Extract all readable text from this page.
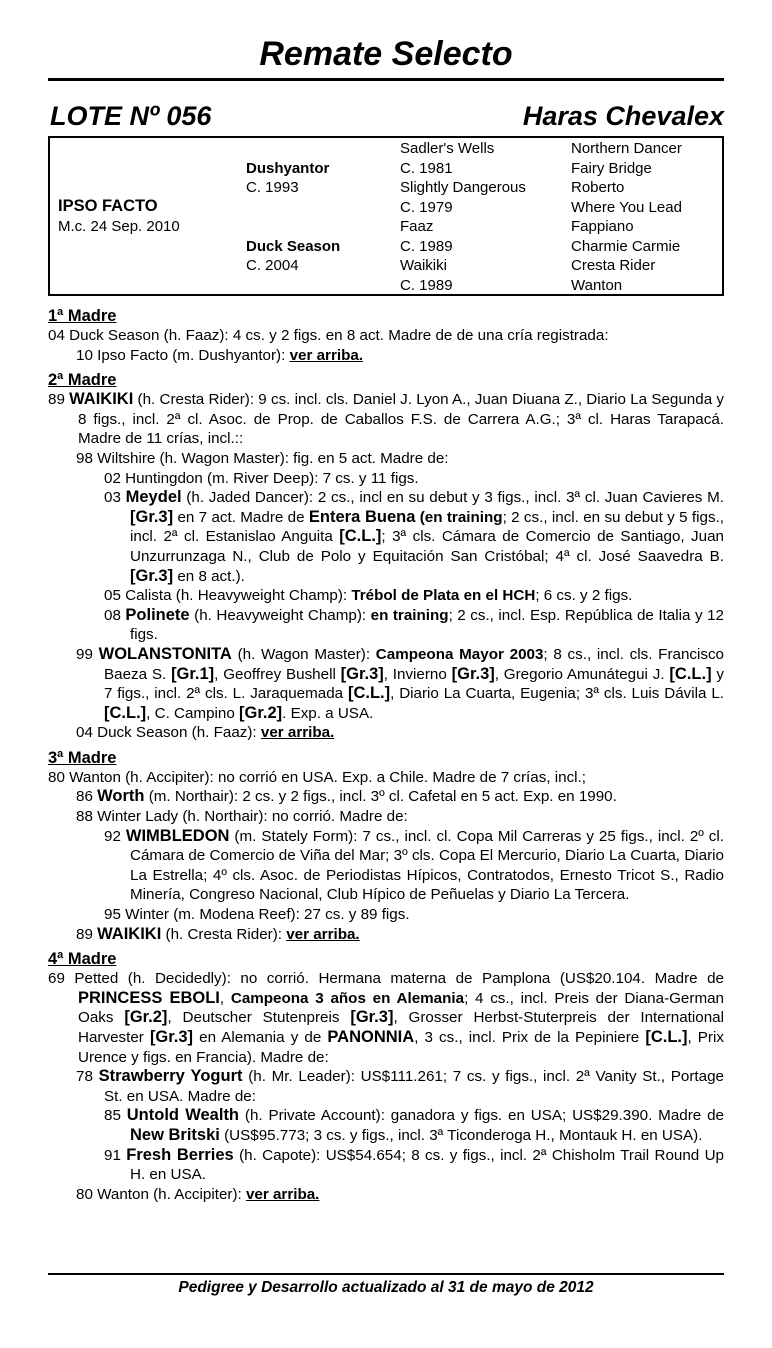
Remate Selecto
LOTE Nº 056	Haras Chevalex
IPSO FACTO
M.c. 24 Sep. 2010
Dushyantor
C. 1993
Duck Season
C. 2004
Sadler's Wells
C. 1981
Slightly Dangerous
C. 1979
Faaz
C. 1989
Waikiki
C. 1989
Northern Dancer
Fairy Bridge
Roberto
Where You Lead
Fappiano
Charmie Carmie
Cresta Rider
Wanton
1ª Madre

04 Duck Season (h. Faaz): 4 cs. y 2 figs. en 8 act. Madre de de una cría registrada:

10 Ipso Facto (m. Dushyantor): ver arriba.

2ª Madre

89 WAIKIKI (h. Cresta Rider): 9 cs. incl. cls. Daniel J. Lyon A., Juan Diuana Z., Diario La Segunda y 8 figs., incl. 2ª cl. Asoc. de Prop. de Caballos F.S. de Carrera A.G.; 3ª cl. Haras Tarapacá. Madre de 11 crías, incl.::

98 Wiltshire (h. Wagon Master): fig. en 5 act. Madre de:

02 Huntingdon (m. River Deep): 7 cs. y 11 figs.

03 Meydel (h. Jaded Dancer): 2 cs., incl en su debut y 3 figs., incl. 3ª cl. Juan Cavieres M. [Gr.3] en 7 act. Madre de Entera Buena (en training; 2 cs., incl. en su debut y 5 figs., incl. 2ª cl. Estanislao Anguita [C.L.]; 3ª cls. Cámara de Comercio de Santiago, Juan Unzurrunzaga N., Club de Polo y Equitación San Cristóbal; 4ª cl. José Saavedra B. [Gr.3] en 8 act.).

05 Calista (h. Heavyweight Champ): Trébol de Plata en el HCH; 6 cs. y 2 figs.

08 Polinete (h. Heavyweight Champ): en training; 2 cs., incl. Esp. República de Italia y 12 figs.

99 WOLANSTONITA (h. Wagon Master): Campeona Mayor 2003; 8 cs., incl. cls. Francisco Baeza S. [Gr.1], Geoffrey Bushell [Gr.3], Invierno [Gr.3], Gregorio Amunátegui J. [C.L.] y 7 figs., incl. 2ª cls. L. Jaraquemada [C.L.], Diario La Cuarta, Eugenia; 3ª cls. Luis Dávila L. [C.L.], C. Campino [Gr.2]. Exp. a USA.

04 Duck Season (h. Faaz): ver arriba.

3ª Madre

80 Wanton (h. Accipiter): no corrió en USA. Exp. a Chile. Madre de 7 crías, incl.;

86 Worth (m. Northair): 2 cs. y 2 figs., incl. 3º cl. Cafetal en 5 act. Exp. en 1990.

88 Winter Lady (h. Northair): no corrió. Madre de:

92 WIMBLEDON (m. Stately Form): 7 cs., incl. cl. Copa Mil Carreras y 25 figs., incl. 2º cl. Cámara de Comercio de Viña del Mar; 3º cls. Copa El Mercurio, Diario La Cuarta, Diario La Estrella; 4º cls. Asoc. de Periodistas Hípicos, Contratodos, Ernesto Tricot S., Radio Minería, Congreso Nacional, Club Hípico de Peñuelas y Diario La Tercera.

95 Winter (m. Modena Reef): 27 cs. y 89 figs.

89 WAIKIKI (h. Cresta Rider): ver arriba.

4ª Madre

69 Petted (h. Decidedly): no corrió. Hermana materna de Pamplona (US$20.104. Madre de PRINCESS EBOLI, Campeona 3 años en Alemania; 4 cs., incl. Preis der Diana-German Oaks [Gr.2], Deutscher Stutenpreis [Gr.3], Grosser Herbst-Stuterpreis der International Harvester [Gr.3] en Alemania y de PANONNIA, 3 cs., incl. Prix de la Pepiniere [C.L.], Prix Urence y figs. en Francia). Madre de:

78 Strawberry Yogurt (h. Mr. Leader): US$111.261; 7 cs. y figs., incl. 2ª Vanity St., Portage St. en USA. Madre de:

85 Untold Wealth (h. Private Account): ganadora y figs. en USA; US$29.390. Madre de New Britski (US$95.773; 3 cs. y figs., incl. 3ª Ticonderoga H., Montauk H. en USA).

91 Fresh Berries (h. Capote): US$54.654; 8 cs. y figs., incl. 2ª Chisholm Trail Round Up H. en USA.

80 Wanton (h. Accipiter): ver arriba.

Pedigree y Desarrollo actualizado al 31 de mayo de 2012
